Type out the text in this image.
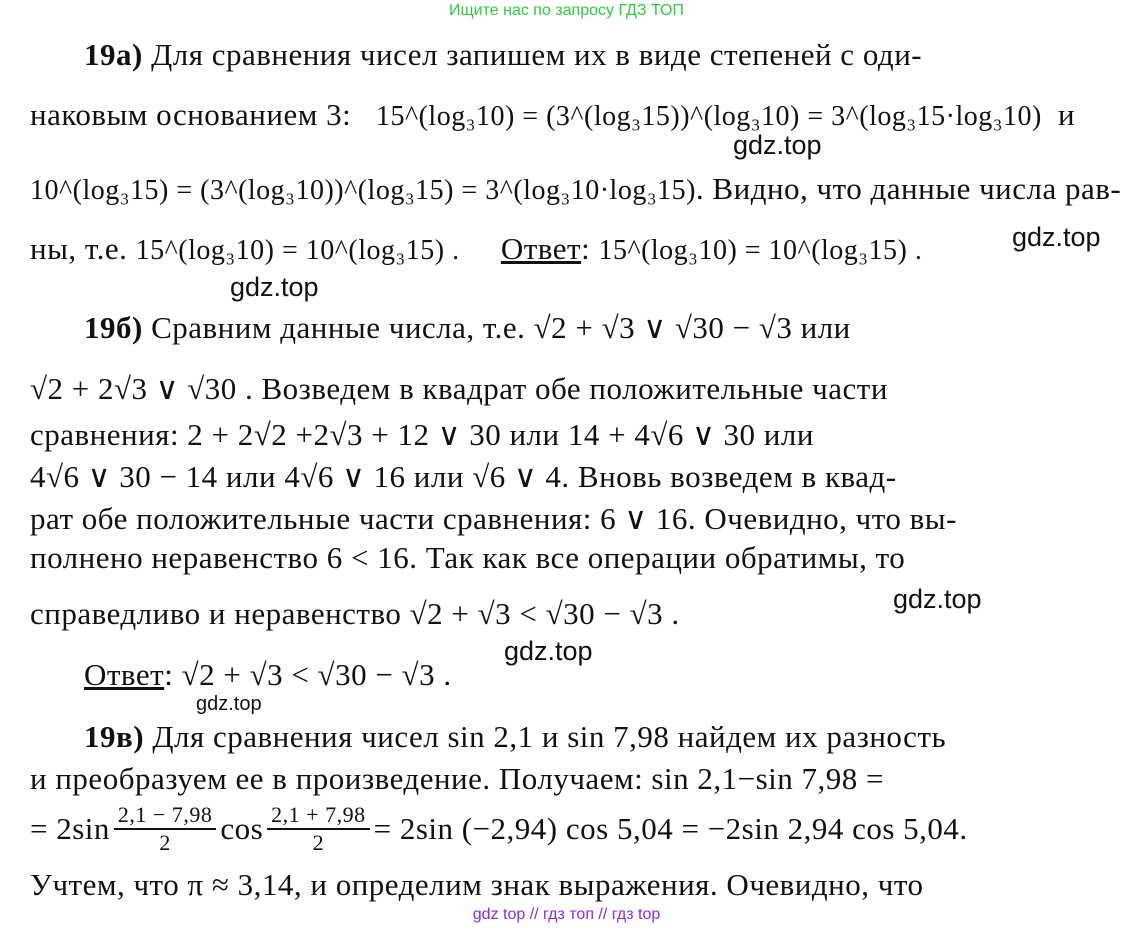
Ищите нас по запросу ГДЗ ТОП
19а) Для сравнения чисел запишем их в виде степеней с оди-
наковым основанием 3: 15^(log₃10) = (3^(log₃15))^(log₃10) = 3^(log₃15·log₃10) и
10^(log₃15) = (3^(log₃10))^(log₃15) = 3^(log₃10·log₃15). Видно, что данные числа рав-
ны, т.е. 15^(log₃10) = 10^(log₃15) . Ответ: 15^(log₃10) = 10^(log₃15) .
19б) Сравним данные числа, т.е. √2 + √3 ∨ √30 − √3 или
√2 + 2√3 ∨ √30 . Возведем в квадрат обе положительные части
сравнения: 2 + 2√2 +2√3 + 12 ∨ 30 или 14 + 4√6 ∨ 30 или
4√6 ∨ 30 − 14 или 4√6 ∨ 16 или √6 ∨ 4. Вновь возведем в квад-
рат обе положительные части сравнения: 6 ∨ 16. Очевидно, что вы-
полнено неравенство 6 < 16. Так как все операции обратимы, то
справедливо и неравенство √2 + √3 < √30 − √3 .
Ответ: √2 + √3 < √30 − √3 .
19в) Для сравнения чисел sin 2,1 и sin 7,98 найдем их разность
и преобразуем ее в произведение. Получаем: sin 2,1−sin 7,98 =
= $2\sin \frac{2,1 - 7,98}{2}$ $\cos \frac{2,1 + 7,98}{2} = 2\sin$ (−2,94) cos 5,04 = −2sin 2,94 cos 5,04.
Учтем, что π ≈ 3,14, и определим знак выражения. Очевидно, что
gdz.top
gdz.top
gdz.top
gdz.top
gdz.top
gdz.top
gdz top // гдз топ // гдз top
